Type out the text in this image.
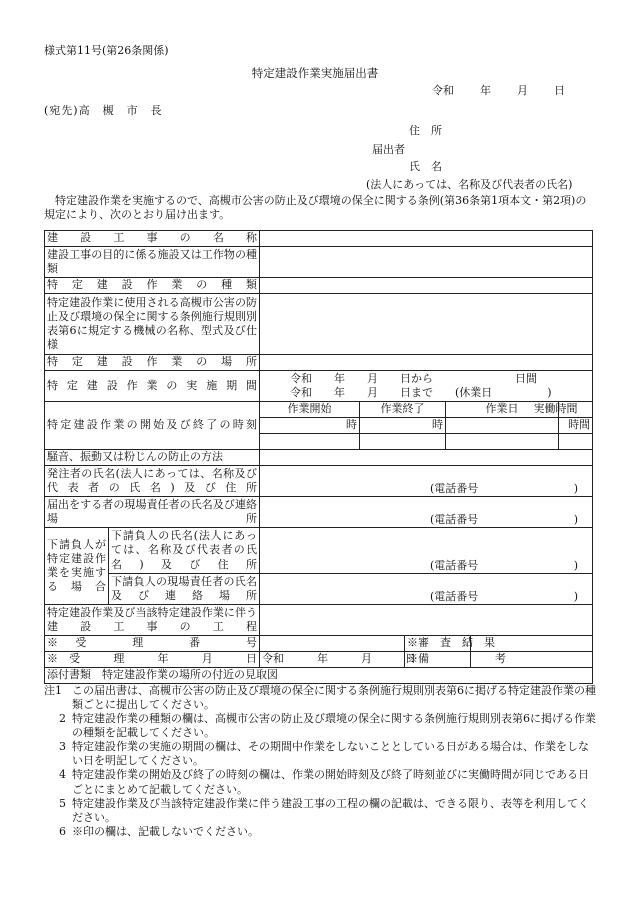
様式第11号(第26条関係)
特定建設作業実施届出書
令和 年 月 日
(宛先)高　槻　市　長
住　所
届出者
氏　名
(法人にあっては、名称及び代表者の氏名)
特定建設作業を実施するので、高槻市公害の防止及び環境の保全に関する条例(第36条第1項本文・第2項)の規定により、次のとおり届け出ます。
建設工事の名称							
建設工事の目的に係る施設又は工作物の種類							
特定建設作業の種類							
特定建設作業に使用される高槻市公害の防止及び環境の保全に関する条例施行規則別表第6に規定する機械の名称、型式及び仕様							
特定建設作業の場所							
特定建設作業の実施期間		令和　　年　　月　　日から 日間
令和　　年　　月　　日まで (休業日　　　　　)					

特定建設作業の開始及び終了の時刻		作業開始	作業終了		作業日		実働時間
		時	時				時間

騒音、振動又は粉じんの防止の方法							
発注者の氏名(法人にあっては、名称及び代表者の氏名)及び住所		(電話番号 )					

届出をする者の現場責任者の氏名及び連絡場所		(電話番号 )					

下請負人が特定建設作業を実施する場合	下請負人の氏名(法人にあっては、名称及び代表者の氏名)及び住所	(電話番号 )					

	下請負人の現場責任者の氏名及び連絡場所	(電話番号 )					

特定建設作業及び当該特定建設作業に伴う建設工事の工程							
※受　理　番　号				※審　査　結　果			
※受　理　年　月　日		令和　　　年　　　月　　　日		※備　　　　　　考			
添付書類　特定建設作業の場所の付近の見取図							
注1 この届出書は、高槻市公害の防止及び環境の保全に関する条例施行規則別表第6に掲げる特定建設作業の種類ごとに提出してください。
2 特定建設作業の種類の欄は、高槻市公害の防止及び環境の保全に関する条例施行規則別表第6に掲げる作業の種類を記載してください。
3 特定建設作業の実施の期間の欄は、その期間中作業をしないこととしている日がある場合は、作業をしない日を明記してください。
4 特定建設作業の開始及び終了の時刻の欄は、作業の開始時刻及び終了時刻並びに実働時間が同じである日ごとにまとめて記載してください。
5 特定建設作業及び当該特定建設作業に伴う建設工事の工程の欄の記載は、できる限り、表等を利用してください。
6 ※印の欄は、記載しないでください。
